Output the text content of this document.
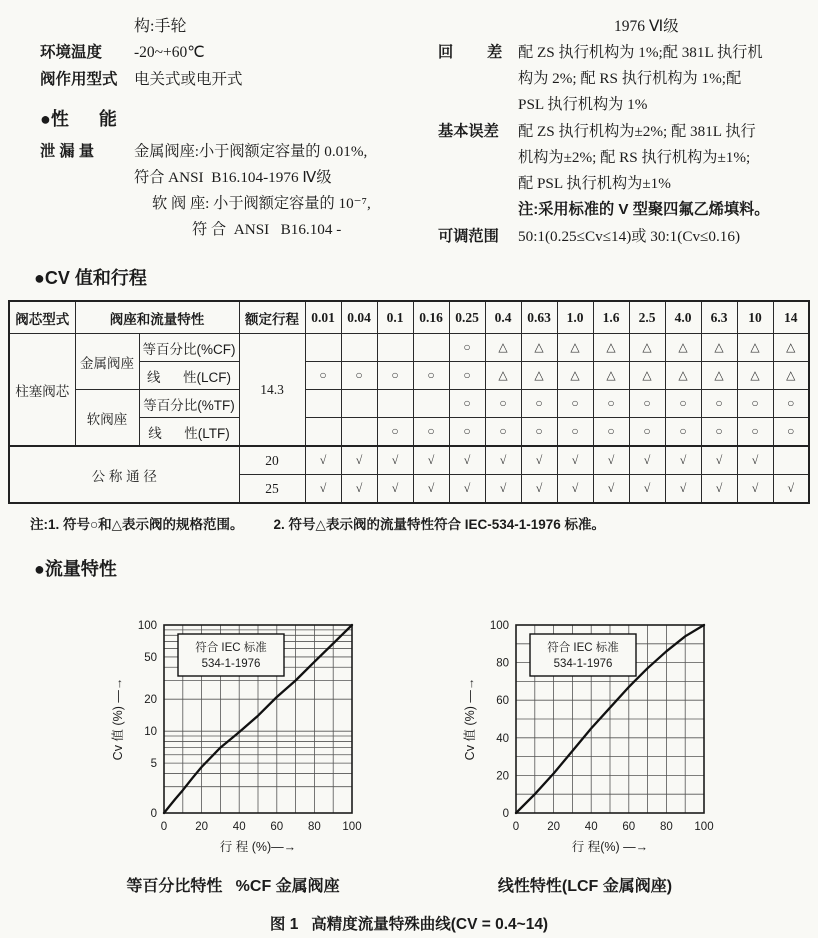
构:手轮
环境温度	-20~+60℃
阀作用型式	电关式或电开式
●性      能
泄 漏 量	金属阀座:小于阀额定容量的 0.01%,
符合 ANSI  B16.104-1976 Ⅳ级
软 阀 座: 小于阀额定容量的 10⁻⁷,
符 合  ANSI   B16.104 -
1976 Ⅵ级
回        差	配 ZS 执行机构为 1%;配 381L 执行机
构为 2%; 配 RS 执行机构为 1%;配
PSL 执行机构为 1%
基本误差	配 ZS 执行机构为±2%; 配 381L 执行
机构为±2%; 配 RS 执行机构为±1%;
配 PSL 执行机构为±1%
注:采用标准的 V 型聚四氟乙烯填料。
可调范围	50:1(0.25≤Cv≤14)或 30:1(Cv≤0.16)
●CV 值和行程
阀芯型式	阀座和流量特性		额定行程	0.01	0.04	0.1	0.16	0.25	0.4	0.63	1.0	1.6	2.5	4.0	6.3	10	14
柱塞阀芯	金属阀座	等百分比(%CF)	14.3					○	△	△	△	△	△	△	△	△	△
		线      性(LCF)		○	○	○	○	○	△	△	△	△	△	△	△	△	△
	软阀座	等百分比(%TF)						○	○	○	○	○	○	○	○	○	○
		线      性(LTF)				○	○	○	○	○	○	○	○	○	○	○	○
公 称 通 径			20	√	√	√	√	√	√	√	√	√	√	√	√	√	
			25	√	√	√	√	√	√	√	√	√	√	√	√	√	√
注:1. 符号○和△表示阀的规格范围。        2. 符号△表示阀的流量特性符合 IEC-534-1-1976 标准。
●流量特性
符合 IEC 标准
534-1-1976
0 20 40 60 80 100
100
50
20
10
5
0
行 程 (%)—→
Cv 值 (%) —→
等百分比特性   %CF 金属阀座
符合 IEC 标准
534-1-1976
0 20 40 60 80 100
0
20
40
60
80
100
行 程(%) —→
Cv 值 (%) —→
线性特性(LCF 金属阀座)
图 1   高精度流量特殊曲线(CV = 0.4~14)
